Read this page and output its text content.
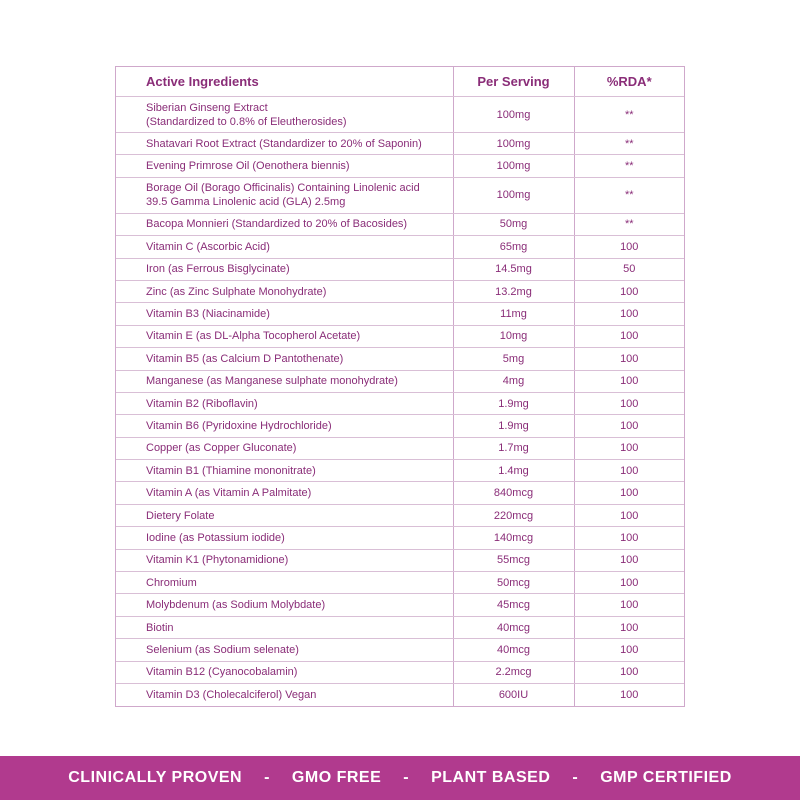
Active Ingredients	Per Serving	%RDA*
Siberian Ginseng Extract
(Standardized to 0.8% of Eleutherosides)	100mg	**
Shatavari Root Extract (Standardizer to 20% of Saponin)	100mg	**
Evening Primrose Oil (Oenothera biennis)	100mg	**
Borage Oil (Borago Officinalis) Containing Linolenic acid
39.5 Gamma Linolenic acid (GLA) 2.5mg	100mg	**
Bacopa Monnieri (Standardized to 20% of Bacosides)	50mg	**
Vitamin C (Ascorbic Acid)	65mg	100
Iron (as Ferrous Bisglycinate)	14.5mg	50
Zinc (as Zinc Sulphate Monohydrate)	13.2mg	100
Vitamin B3 (Niacinamide)	11mg	100
Vitamin E (as DL-Alpha Tocopherol Acetate)	10mg	100
Vitamin B5 (as Calcium D Pantothenate)	5mg	100
Manganese (as Manganese sulphate monohydrate)	4mg	100
Vitamin B2 (Riboflavin)	1.9mg	100
Vitamin B6 (Pyridoxine Hydrochloride)	1.9mg	100
Copper (as Copper Gluconate)	1.7mg	100
Vitamin B1 (Thiamine mononitrate)	1.4mg	100
Vitamin A (as Vitamin A Palmitate)	840mcg	100
Dietery Folate	220mcg	100
Iodine (as Potassium iodide)	140mcg	100
Vitamin K1 (Phytonamidione)	55mcg	100
Chromium	50mcg	100
Molybdenum (as Sodium Molybdate)	45mcg	100
Biotin	40mcg	100
Selenium (as Sodium selenate)	40mcg	100
Vitamin B12 (Cyanocobalamin)	2.2mcg	100
Vitamin D3 (Cholecalciferol) Vegan	600IU	100
CLINICALLY PROVEN - GMO FREE - PLANT BASED - GMP CERTIFIED
